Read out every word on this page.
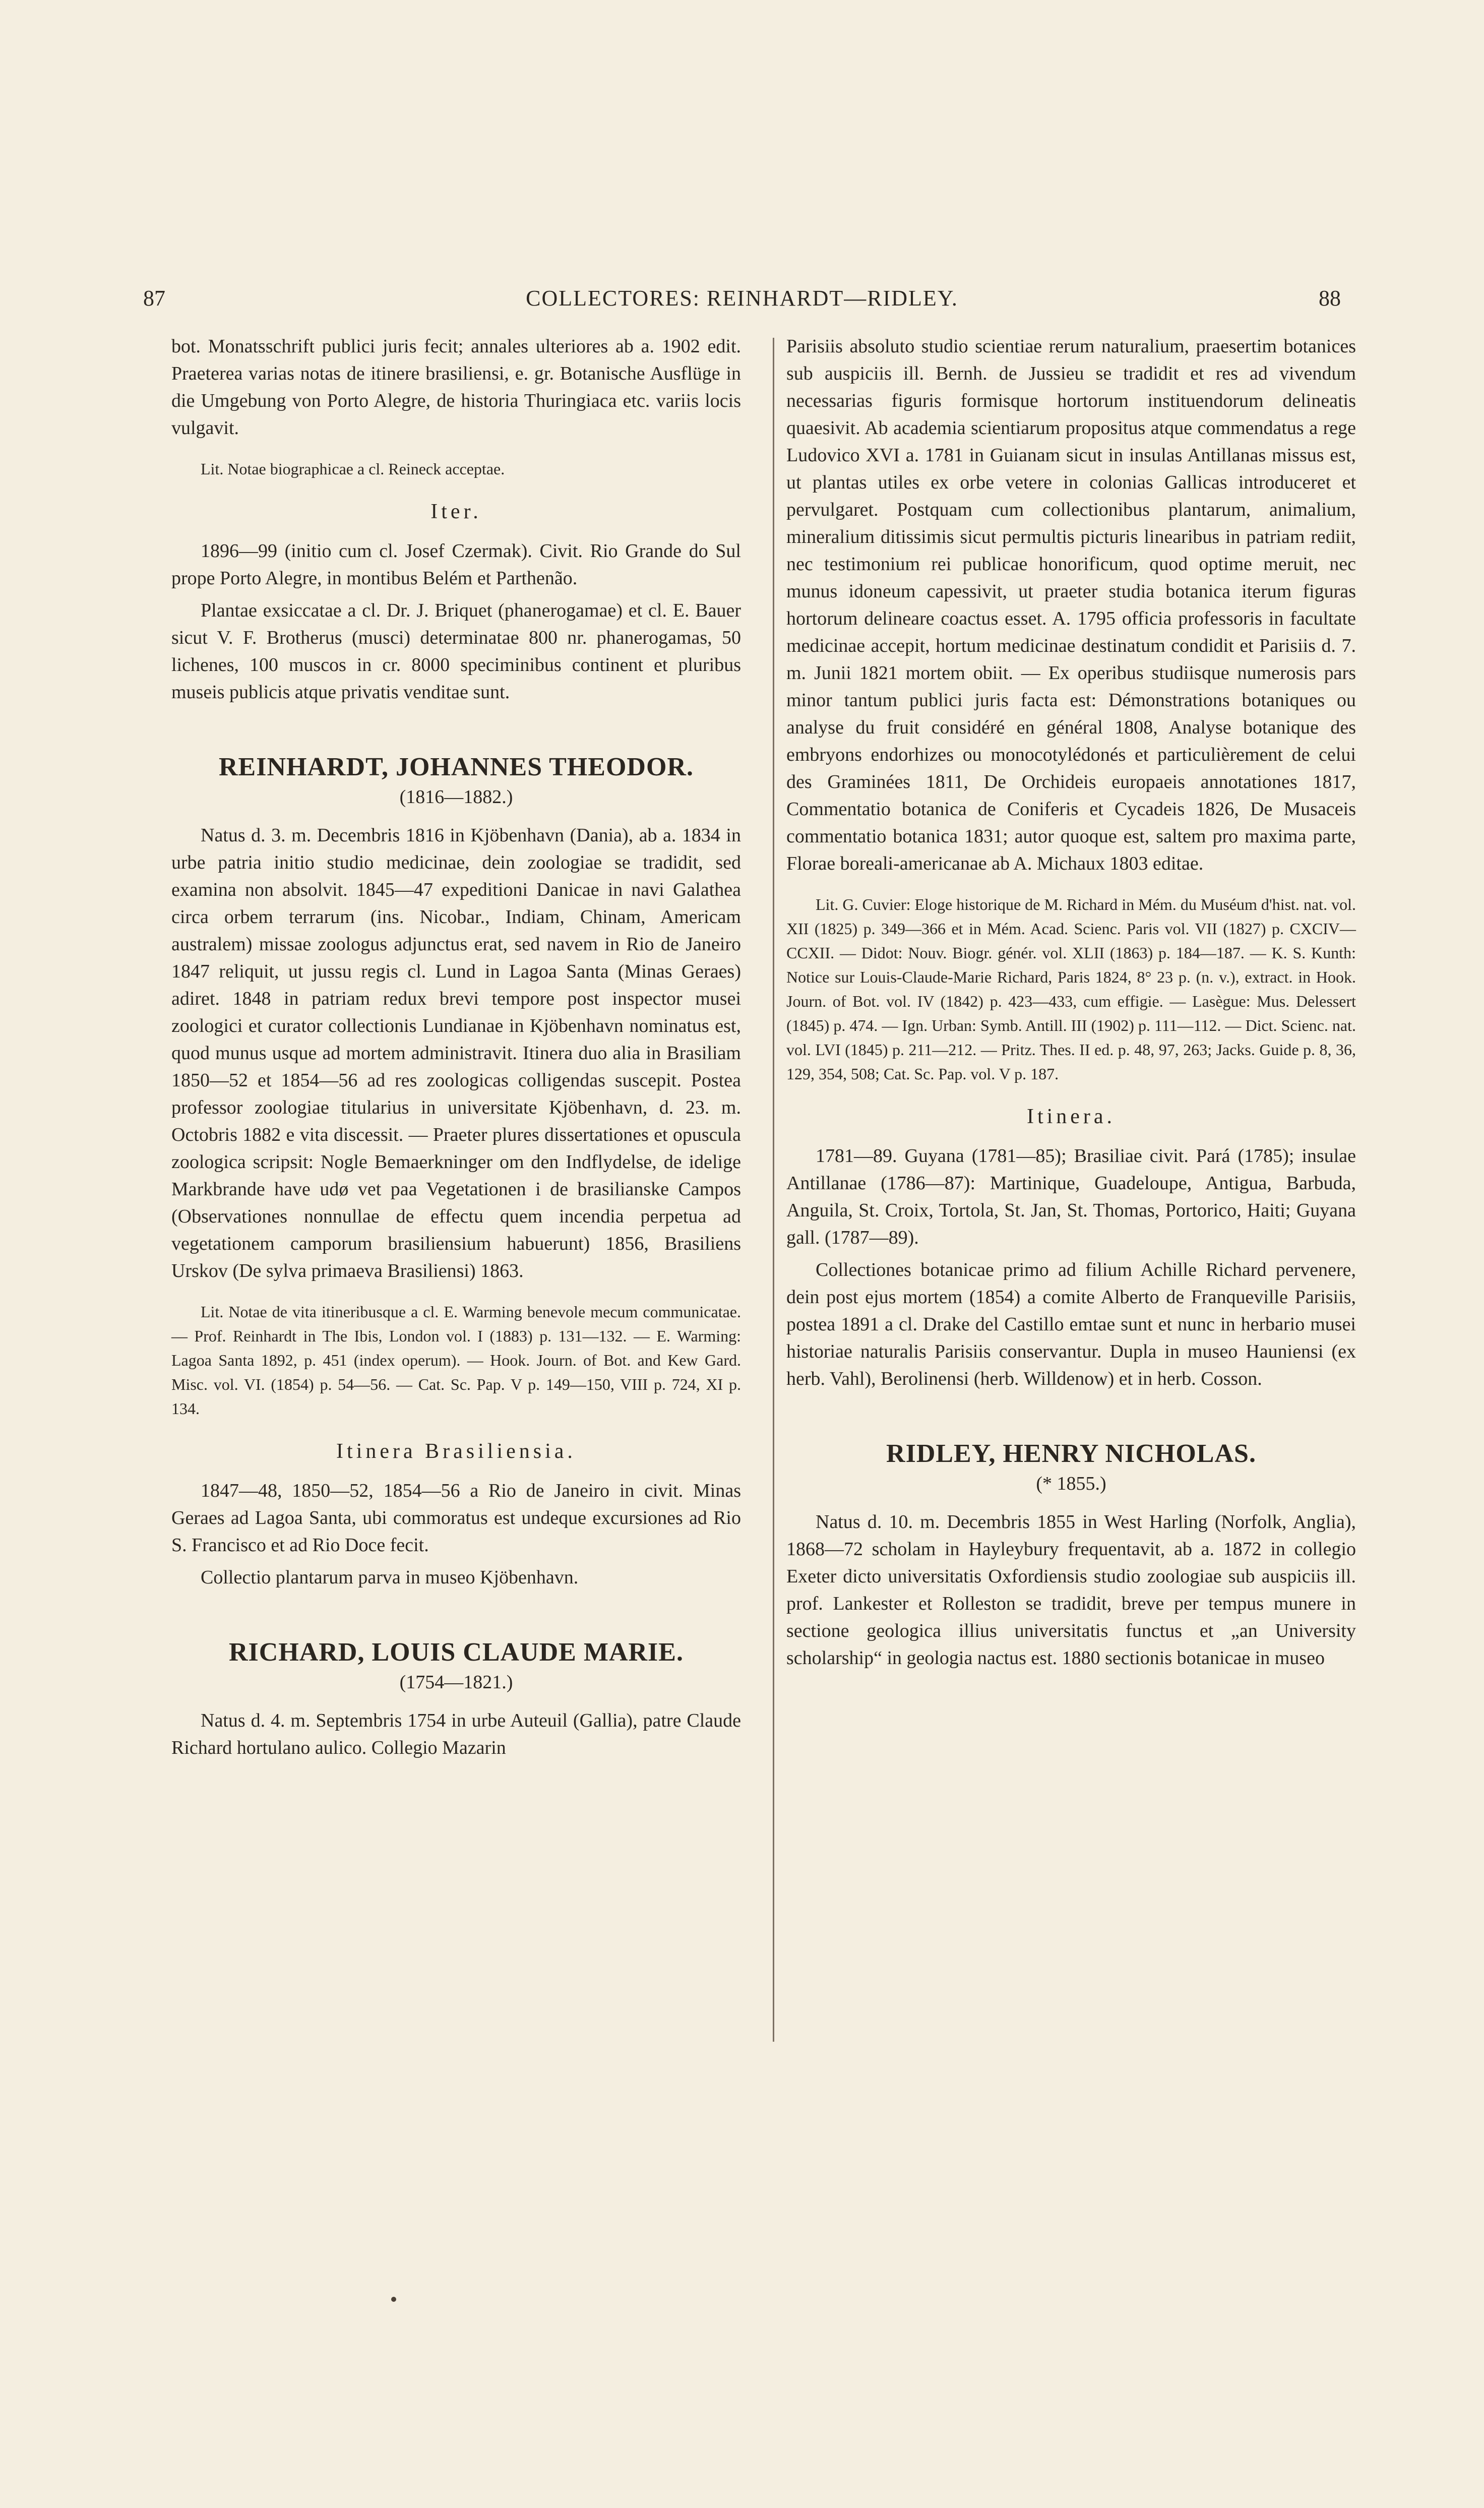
87	COLLECTORES: REINHARDT—RIDLEY.	88

bot. Monatsschrift publici juris fecit; annales ulteriores ab a. 1902 edit. Praeterea varias notas de itinere brasiliensi, e. gr. Botanische Ausflüge in die Umgebung von Porto Alegre, de historia Thuringiaca etc. variis locis vulgavit.

Lit. Notae biographicae a cl. Reineck acceptae.

Iter.

1896—99 (initio cum cl. Josef Czermak). Civit. Rio Grande do Sul prope Porto Alegre, in montibus Belém et Parthenão.

Plantae exsiccatae a cl. Dr. J. Briquet (phanerogamae) et cl. E. Bauer sicut V. F. Brotherus (musci) determinatae 800 nr. phanerogamas, 50 lichenes, 100 muscos in cr. 8000 speciminibus continent et pluribus museis publicis atque privatis venditae sunt.

REINHARDT, JOHANNES THEODOR.
(1816—1882.)

Natus d. 3. m. Decembris 1816 in Kjöbenhavn (Dania), ab a. 1834 in urbe patria initio studio medicinae, dein zoologiae se tradidit, sed examina non absolvit. 1845—47 expeditioni Danicae in navi Galathea circa orbem terrarum (ins. Nicobar., Indiam, Chinam, Americam australem) missae zoologus adjunctus erat, sed navem in Rio de Janeiro 1847 reliquit, ut jussu regis cl. Lund in Lagoa Santa (Minas Geraes) adiret. 1848 in patriam redux brevi tempore post inspector musei zoologici et curator collectionis Lundianae in Kjöbenhavn nominatus est, quod munus usque ad mortem administravit. Itinera duo alia in Brasiliam 1850—52 et 1854—56 ad res zoologicas colligendas suscepit. Postea professor zoologiae titularius in universitate Kjöbenhavn, d. 23. m. Octobris 1882 e vita discessit. — Praeter plures dissertationes et opuscula zoologica scripsit: Nogle Bemaerkninger om den Indflydelse, de idelige Markbrande have udø vet paa Vegetationen i de brasilianske Campos (Observationes nonnullae de effectu quem incendia perpetua ad vegetationem camporum brasiliensium habuerunt) 1856, Brasiliens Urskov (De sylva primaeva Brasiliensi) 1863.

Lit. Notae de vita itineribusque a cl. E. Warming benevole mecum communicatae. — Prof. Reinhardt in The Ibis, London vol. I (1883) p. 131—132. — E. Warming: Lagoa Santa 1892, p. 451 (index operum). — Hook. Journ. of Bot. and Kew Gard. Misc. vol. VI. (1854) p. 54—56. — Cat. Sc. Pap. V p. 149—150, VIII p. 724, XI p. 134.

Itinera Brasiliensia.

1847—48, 1850—52, 1854—56 a Rio de Janeiro in civit. Minas Geraes ad Lagoa Santa, ubi commoratus est undeque excursiones ad Rio S. Francisco et ad Rio Doce fecit.

Collectio plantarum parva in museo Kjöbenhavn.

RICHARD, LOUIS CLAUDE MARIE.
(1754—1821.)

Natus d. 4. m. Septembris 1754 in urbe Auteuil (Gallia), patre Claude Richard hortulano aulico. Collegio Mazarin

Parisiis absoluto studio scientiae rerum naturalium, praesertim botanices sub auspiciis ill. Bernh. de Jussieu se tradidit et res ad vivendum necessarias figuris formisque hortorum instituendorum delineatis quaesivit. Ab academia scientiarum propositus atque commendatus a rege Ludovico XVI a. 1781 in Guianam sicut in insulas Antillanas missus est, ut plantas utiles ex orbe vetere in colonias Gallicas introduceret et pervulgaret. Postquam cum collectionibus plantarum, animalium, mineralium ditissimis sicut permultis picturis linearibus in patriam rediit, nec testimonium rei publicae honorificum, quod optime meruit, nec munus idoneum capessivit, ut praeter studia botanica iterum figuras hortorum delineare coactus esset. A. 1795 officia professoris in facultate medicinae accepit, hortum medicinae destinatum condidit et Parisiis d. 7. m. Junii 1821 mortem obiit. — Ex operibus studiisque numerosis pars minor tantum publici juris facta est: Démonstrations botaniques ou analyse du fruit considéré en général 1808, Analyse botanique des embryons endorhizes ou monocotylédonés et particulièrement de celui des Graminées 1811, De Orchideis europaeis annotationes 1817, Commentatio botanica de Coniferis et Cycadeis 1826, De Musaceis commentatio botanica 1831; autor quoque est, saltem pro maxima parte, Florae boreali-americanae ab A. Michaux 1803 editae.

Lit. G. Cuvier: Eloge historique de M. Richard in Mém. du Muséum d'hist. nat. vol. XII (1825) p. 349—366 et in Mém. Acad. Scienc. Paris vol. VII (1827) p. CXCIV—CCXII. — Didot: Nouv. Biogr. génér. vol. XLII (1863) p. 184—187. — K. S. Kunth: Notice sur Louis-Claude-Marie Richard, Paris 1824, 8° 23 p. (n. v.), extract. in Hook. Journ. of Bot. vol. IV (1842) p. 423—433, cum effigie. — Lasègue: Mus. Delessert (1845) p. 474. — Ign. Urban: Symb. Antill. III (1902) p. 111—112. — Dict. Scienc. nat. vol. LVI (1845) p. 211—212. — Pritz. Thes. II ed. p. 48, 97, 263; Jacks. Guide p. 8, 36, 129, 354, 508; Cat. Sc. Pap. vol. V p. 187.

Itinera.

1781—89. Guyana (1781—85); Brasiliae civit. Pará (1785); insulae Antillanae (1786—87): Martinique, Guadeloupe, Antigua, Barbuda, Anguila, St. Croix, Tortola, St. Jan, St. Thomas, Portorico, Haiti; Guyana gall. (1787—89).

Collectiones botanicae primo ad filium Achille Richard pervenere, dein post ejus mortem (1854) a comite Alberto de Franqueville Parisiis, postea 1891 a cl. Drake del Castillo emtae sunt et nunc in herbario musei historiae naturalis Parisiis conservantur. Dupla in museo Hauniensi (ex herb. Vahl), Berolinensi (herb. Willdenow) et in herb. Cosson.

RIDLEY, HENRY NICHOLAS.
(* 1855.)

Natus d. 10. m. Decembris 1855 in West Harling (Norfolk, Anglia), 1868—72 scholam in Hayleybury frequentavit, ab a. 1872 in collegio Exeter dicto universitatis Oxfordiensis studio zoologiae sub auspiciis ill. prof. Lankester et Rolleston se tradidit, breve per tempus munere in sectione geologica illius universitatis functus et „an University scholarship“ in geologia nactus est. 1880 sectionis botanicae in museo
